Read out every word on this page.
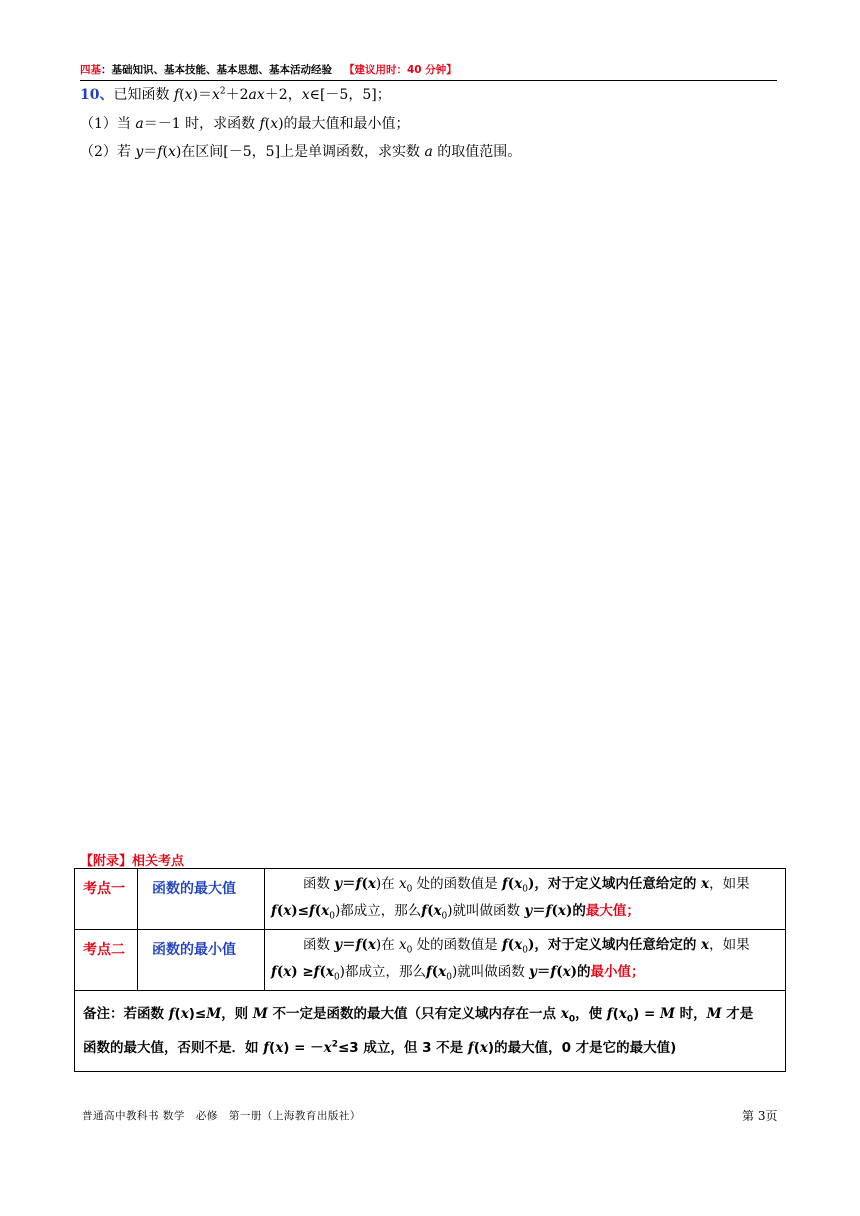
四基：基础知识、基本技能、基本思想、基本活动经验 【建议用时：40 分钟】
10、已知函数 $f(x)=x^2+2ax+2$，x∈[－5，5]；
（1）当 a＝－1 时，求函数 f(x)的最大值和最小值；
（2）若 y＝f(x)在区间[－5，5]上是单调函数，求实数 a 的取值范围。
【附录】相关考点
考点一	函数的最大值	函数 y＝f(x)在 $x_0$ 处的函数值是 $f(x_0)$，对于定义域内任意给定的 x，如果
$f(x)\le f(x_0)$都成立，那么$f(x_0)$就叫做函数 y＝f(x)的最大值；
考点二	函数的最小值	函数 y＝f(x)在 $x_0$ 处的函数值是 $f(x_0)$，对于定义域内任意给定的 x，如果
$f(x) \ge f(x_0)$都成立，那么$f(x_0)$就叫做函数 y＝f(x)的最小值；
备注：若函数 f(x)≤M，则 M 不一定是函数的最大值（只有定义域内存在一点 $x_0$，使 $f(x_0) = M$ 时，M 才是
函数的最大值，否则不是．如 $f(x) = -x^2\le 3$ 成立，但 3 不是 f(x)的最大值，0 才是它的最大值)		
普通高中教科书 数学　必修　第一册（上海教育出版社）	第 3页
